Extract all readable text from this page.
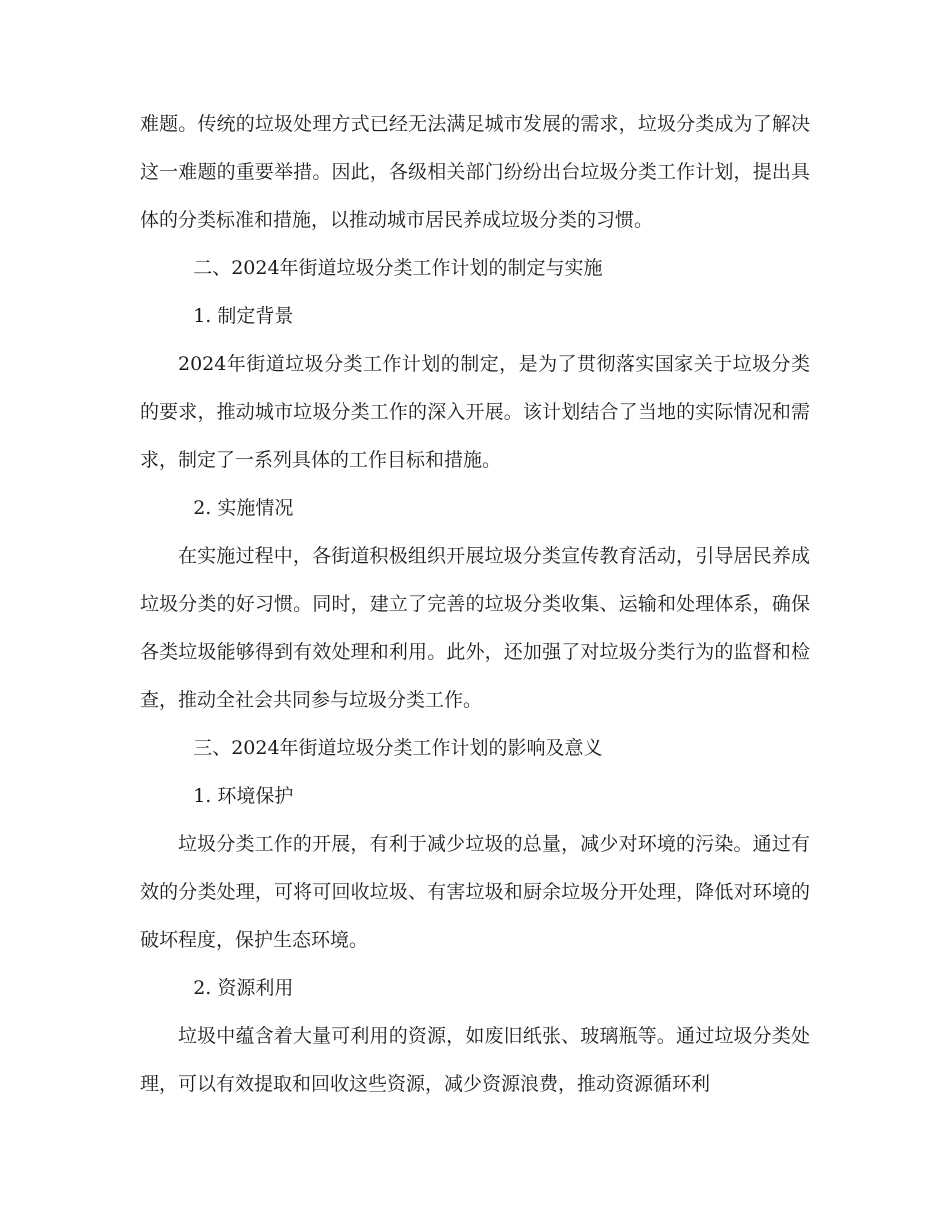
难题。传统的垃圾处理方式已经无法满足城市发展的需求，垃圾分类成为了解决这一难题的重要举措。因此，各级相关部门纷纷出台垃圾分类工作计划，提出具体的分类标准和措施，以推动城市居民养成垃圾分类的习惯。

二、2024年街道垃圾分类工作计划的制定与实施

1. 制定背景

2024年街道垃圾分类工作计划的制定，是为了贯彻落实国家关于垃圾分类的要求，推动城市垃圾分类工作的深入开展。该计划结合了当地的实际情况和需求，制定了一系列具体的工作目标和措施。

2. 实施情况

在实施过程中，各街道积极组织开展垃圾分类宣传教育活动，引导居民养成垃圾分类的好习惯。同时，建立了完善的垃圾分类收集、运输和处理体系，确保各类垃圾能够得到有效处理和利用。此外，还加强了对垃圾分类行为的监督和检查，推动全社会共同参与垃圾分类工作。

三、2024年街道垃圾分类工作计划的影响及意义

1. 环境保护

垃圾分类工作的开展，有利于减少垃圾的总量，减少对环境的污染。通过有效的分类处理，可将可回收垃圾、有害垃圾和厨余垃圾分开处理，降低对环境的破坏程度，保护生态环境。

2. 资源利用

垃圾中蕴含着大量可利用的资源，如废旧纸张、玻璃瓶等。通过垃圾分类处理，可以有效提取和回收这些资源，减少资源浪费，推动资源循环利
